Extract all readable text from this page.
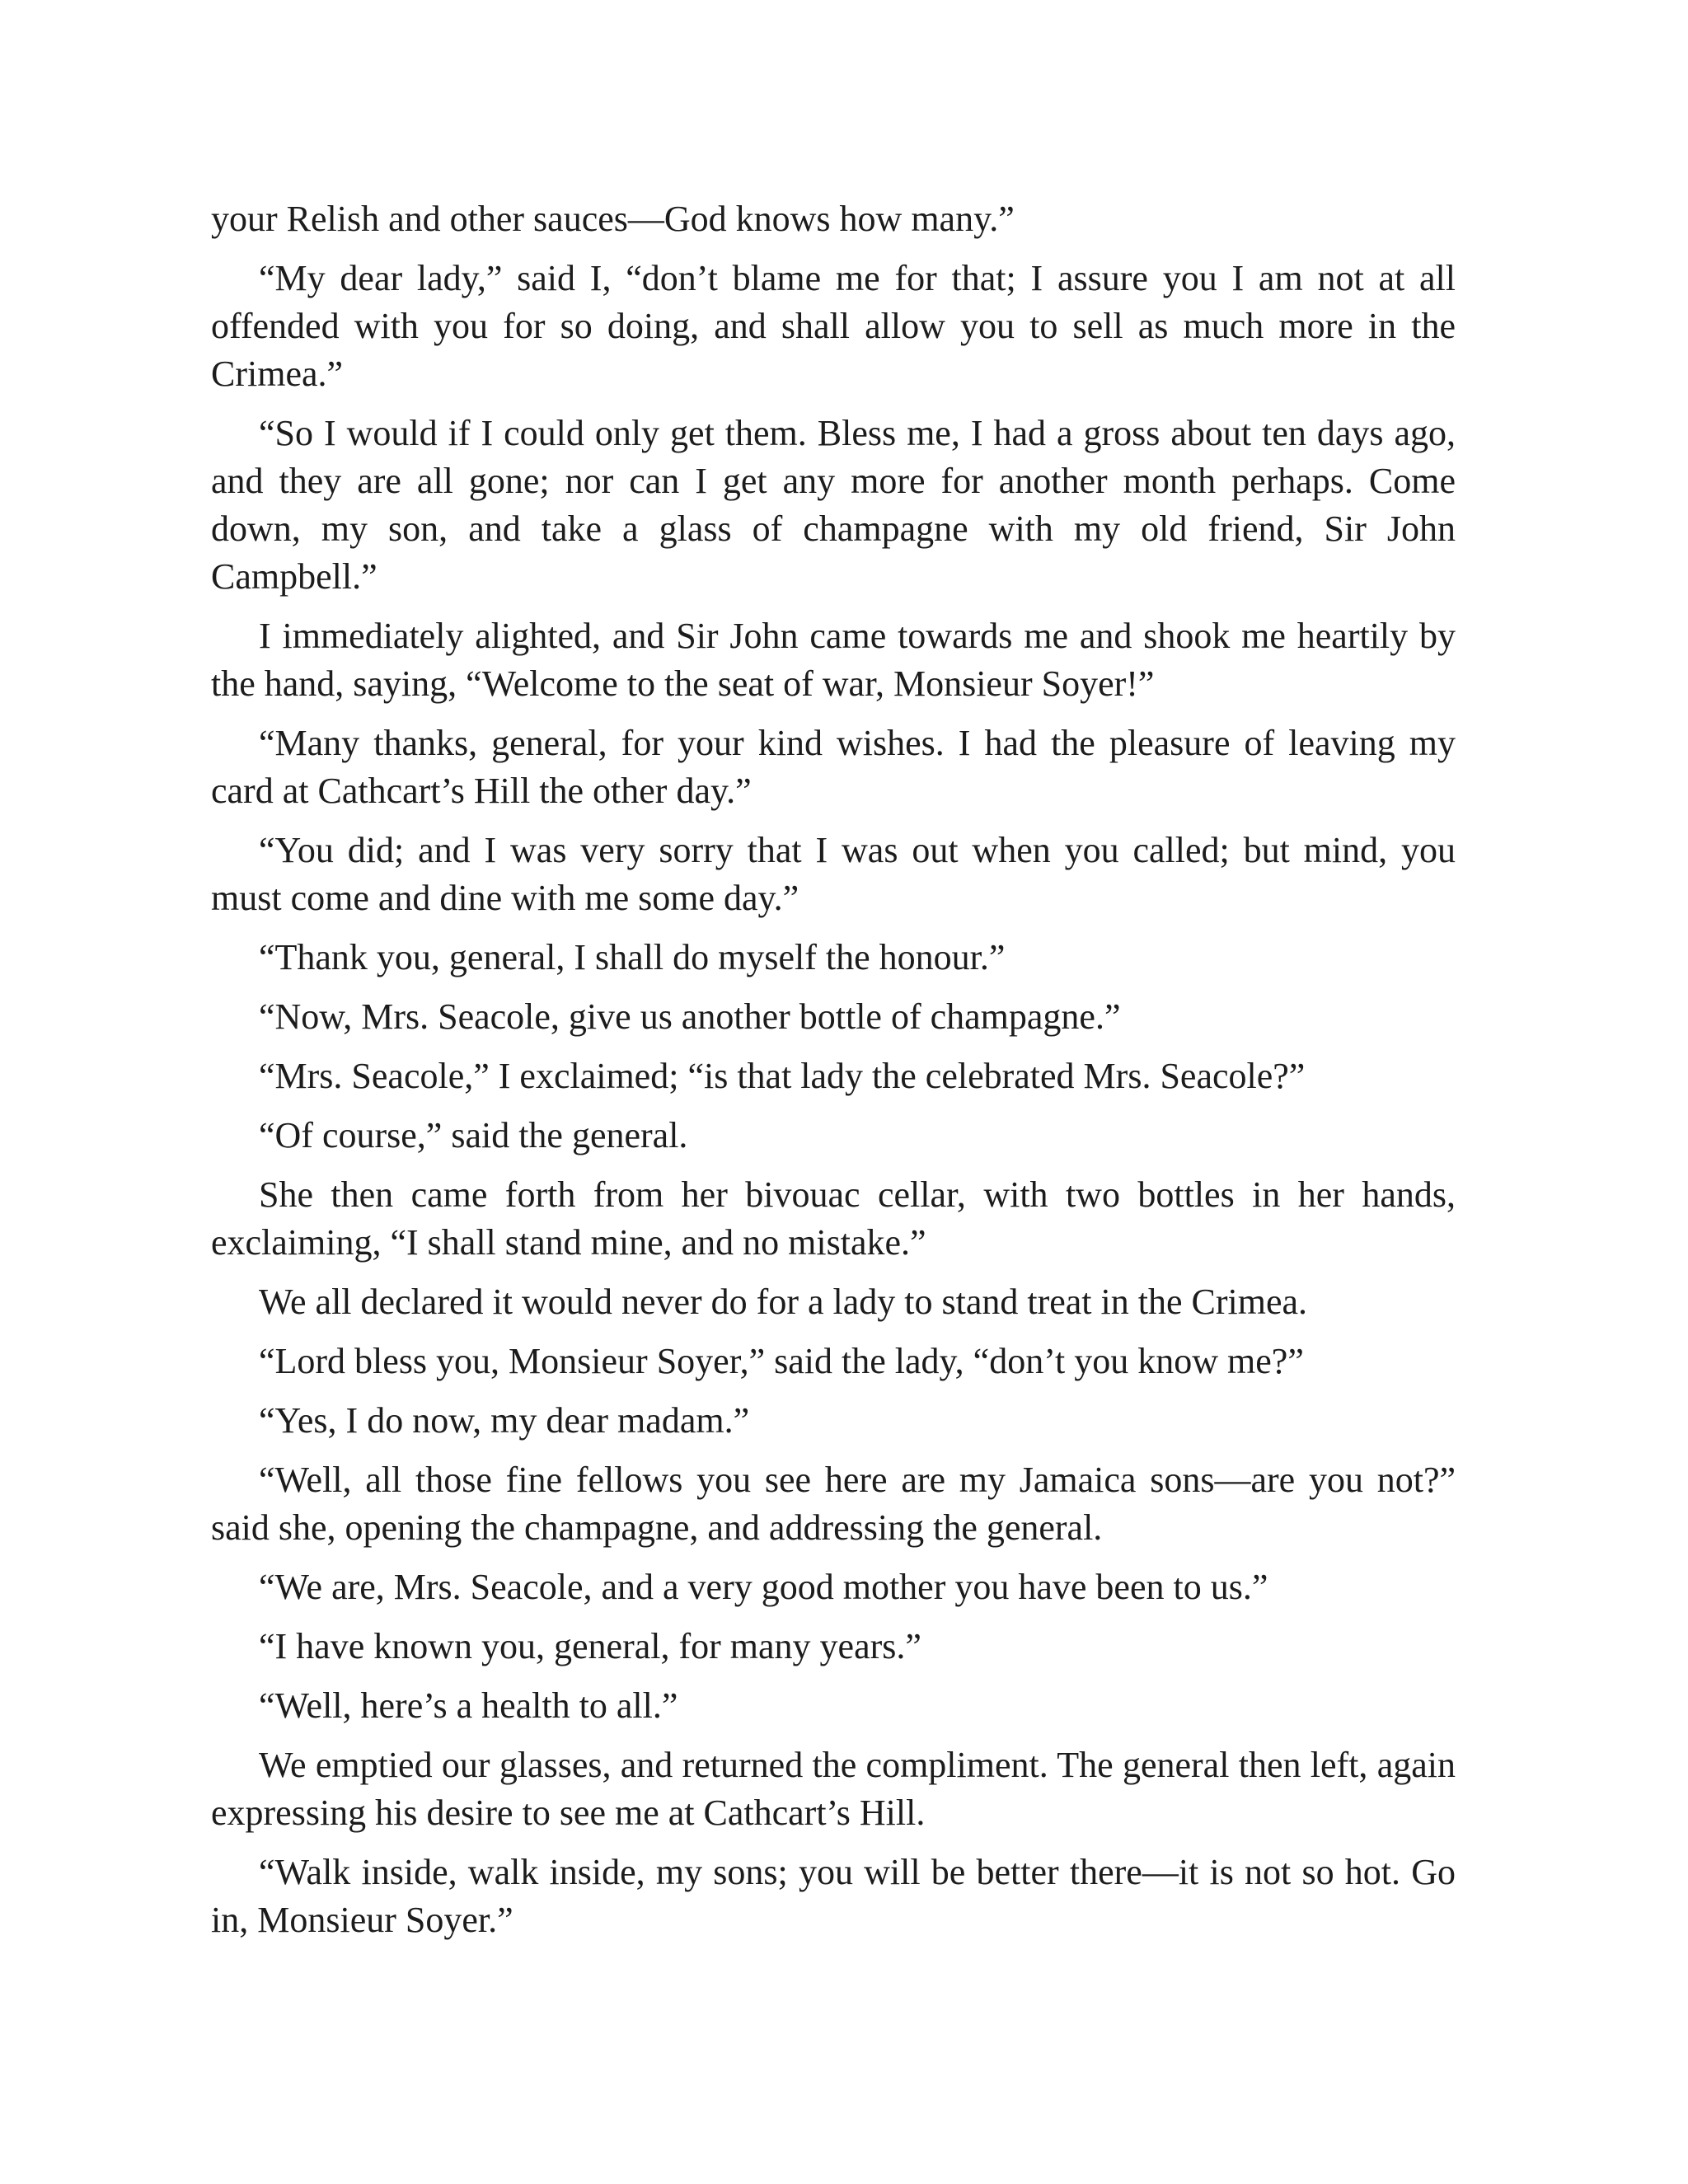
your Relish and other sauces—God knows how many.”

“My dear lady,” said I, “don’t blame me for that; I assure you I am not at all offended with you for so doing, and shall allow you to sell as much more in the Crimea.”

“So I would if I could only get them. Bless me, I had a gross about ten days ago, and they are all gone; nor can I get any more for another month perhaps. Come down, my son, and take a glass of champagne with my old friend, Sir John Campbell.”

I immediately alighted, and Sir John came towards me and shook me heartily by the hand, saying, “Welcome to the seat of war, Monsieur Soyer!”

“Many thanks, general, for your kind wishes. I had the pleasure of leaving my card at Cathcart’s Hill the other day.”

“You did; and I was very sorry that I was out when you called; but mind, you must come and dine with me some day.”

“Thank you, general, I shall do myself the honour.”

“Now, Mrs. Seacole, give us another bottle of champagne.”

“Mrs. Seacole,” I exclaimed; “is that lady the celebrated Mrs. Seacole?”

“Of course,” said the general.

She then came forth from her bivouac cellar, with two bottles in her hands, exclaiming, “I shall stand mine, and no mistake.”

We all declared it would never do for a lady to stand treat in the Crimea.

“Lord bless you, Monsieur Soyer,” said the lady, “don’t you know me?”

“Yes, I do now, my dear madam.”

“Well, all those fine fellows you see here are my Jamaica sons—are you not?” said she, opening the champagne, and addressing the general.

“We are, Mrs. Seacole, and a very good mother you have been to us.”

“I have known you, general, for many years.”

“Well, here’s a health to all.”

We emptied our glasses, and returned the compliment. The general then left, again expressing his desire to see me at Cathcart’s Hill.

“Walk inside, walk inside, my sons; you will be better there—it is not so hot. Go in, Monsieur Soyer.”
